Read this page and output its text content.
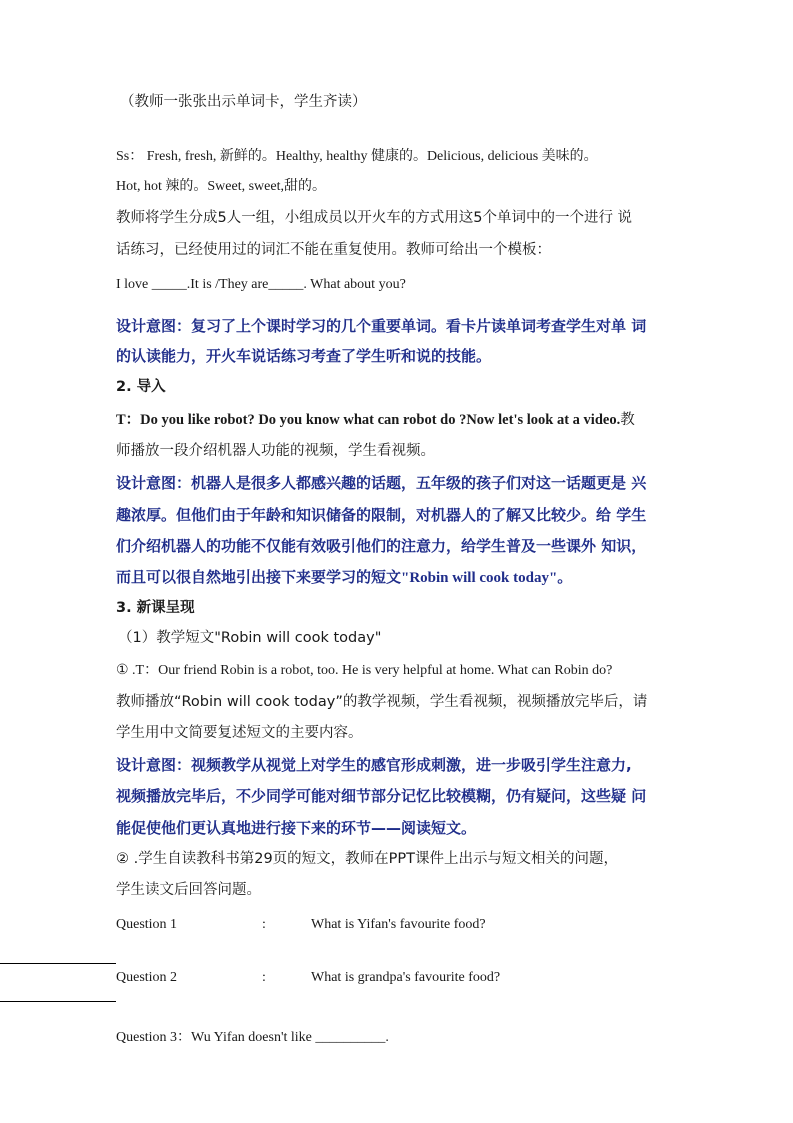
（教师一张张出示单词卡，学生齐读）
Ss： Fresh, fresh, 新鲜的。Healthy, healthy 健康的。Delicious, delicious 美味的。
Hot, hot 辣的。Sweet, sweet,甜的。
教师将学生分成5人一组，小组成员以开火车的方式用这5个单词中的一个进行 说
话练习，已经使用过的词汇不能在重复使用。教师可给出一个模板：
I love _____.It is /They are_____. What about you?
设计意图：复习了上个课时学习的几个重要单词。看卡片读单词考查学生对单 词
的认读能力，开火车说话练习考查了学生听和说的技能。
2. 导入
T：Do you like robot? Do you know what can robot do ?Now let's look at a video.教
师播放一段介绍机器人功能的视频，学生看视频。
设计意图：机器人是很多人都感兴趣的话题，五年级的孩子们对这一话题更是 兴
趣浓厚。但他们由于年龄和知识储备的限制，对机器人的了解又比较少。给 学生
们介绍机器人的功能不仅能有效吸引他们的注意力，给学生普及一些课外 知识，
而且可以很自然地引出接下来要学习的短文"Robin will cook today"。
3. 新课呈现
（1）教学短文"Robin will cook today"
① .T：Our friend Robin is a robot, too. He is very helpful at home. What can Robin do?
教师播放“Robin will cook today”的教学视频，学生看视频，视频播放完毕后，请
学生用中文简要复述短文的主要内容。
设计意图：视频教学从视觉上对学生的感官形成刺激，进一步吸引学生注意力,
视频播放完毕后，不少同学可能对细节部分记忆比较模糊，仍有疑问，这些疑 问
能促使他们更认真地进行接下来的环节——阅读短文。
② .学生自读教科书第29页的短文，教师在PPT课件上出示与短文相关的问题，
学生读文后回答问题。
Question 1	:	What is Yifan's favourite food?
Question 2	:	What is grandpa's favourite food?
Question 3：Wu Yifan doesn't like __________.
